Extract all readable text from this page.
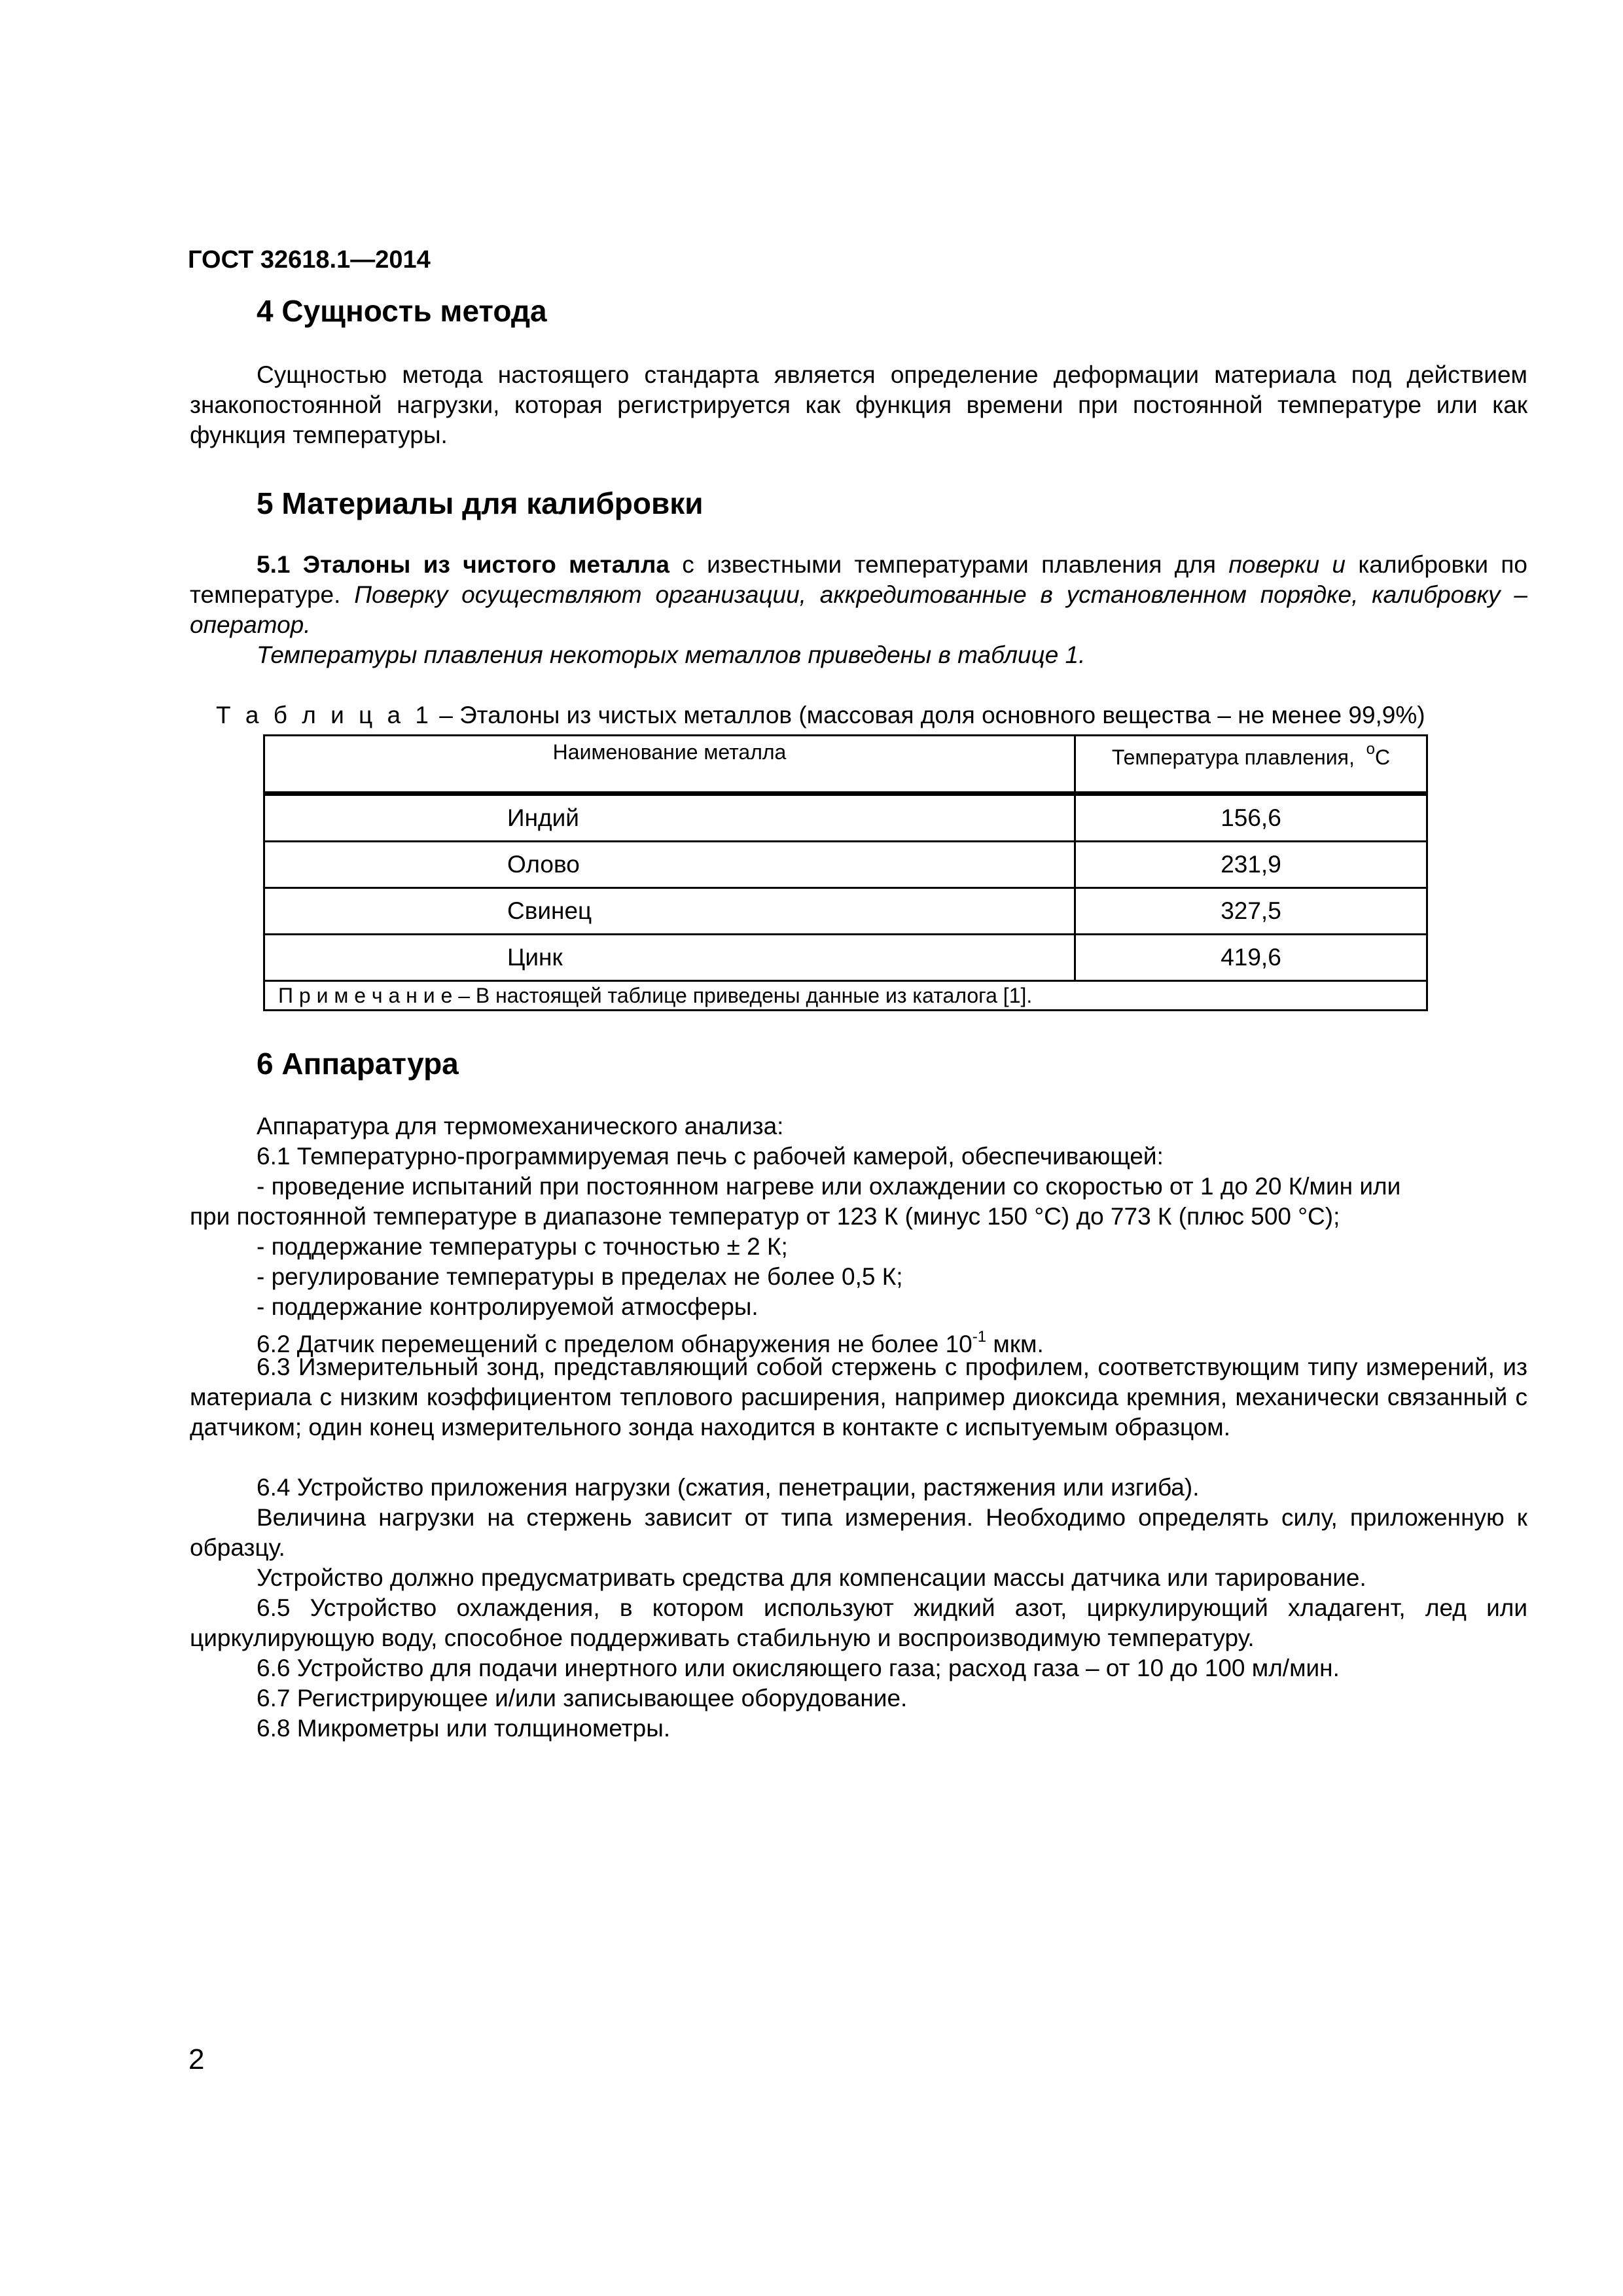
ГОСТ 32618.1—2014
4 Сущность метода

Сущностью метода настоящего стандарта является определение деформации материала под действием знакопостоянной нагрузки, которая регистрируется как функция времени при постоянной температуре или как функция температуры.

5 Материалы для калибровки

5.1 Эталоны из чистого металла с известными температурами плавления для поверки и калибровки по температуре. Поверку осуществляют организации, аккредитованные в установленном порядке, калибровку – оператор.

Температуры плавления некоторых металлов приведены в таблице 1.
Т а б л и ц а 1 – Эталоны из чистых металлов (массовая доля основного вещества – не менее 99,9%)
Наименование металла	Температура плавления, $^o$С
Индий	156,6
Олово	231,9
Свинец	327,5
Цинк	419,6
П р и м е ч а н и е – В настоящей таблице приведены данные из каталога [1].	
6 Аппаратура
Аппаратура для термомеханического анализа:
6.1 Температурно-программируемая печь с рабочей камерой, обеспечивающей:
- проведение испытаний при постоянном нагреве или охлаждении со скоростью от 1 до 20 К/мин или
при постоянной температуре в диапазоне температур от 123 К (минус 150 °С) до 773 К (плюс 500 °С);
- поддержание температуры с точностью ± 2 К;
- регулирование температуры в пределах не более 0,5 К;
- поддержание контролируемой атмосферы.
6.2 Датчик перемещений с пределом обнаружения не более $10^{-1}$ мкм.

6.3 Измерительный зонд, представляющий собой стержень с профилем, соответствующим типу измерений, из материала с низким коэффициентом теплового расширения, например диоксида кремния, механически связанный с датчиком; один конец измерительного зонда находится в контакте с испытуемым образцом.

6.4 Устройство приложения нагрузки (сжатия, пенетрации, растяжения или изгиба).

Величина нагрузки на стержень зависит от типа измерения. Необходимо определять силу, приложенную к образцу.

Устройство должно предусматривать средства для компенсации массы датчика или тарирование.

6.5 Устройство охлаждения, в котором используют жидкий азот, циркулирующий хладагент, лед или циркулирующую воду, способное поддерживать стабильную и воспроизводимую температуру.

6.6 Устройство для подачи инертного или окисляющего газа; расход газа – от 10 до 100 мл/мин.
6.7 Регистрирующее и/или записывающее оборудование.
6.8 Микрометры или толщинометры.
2
